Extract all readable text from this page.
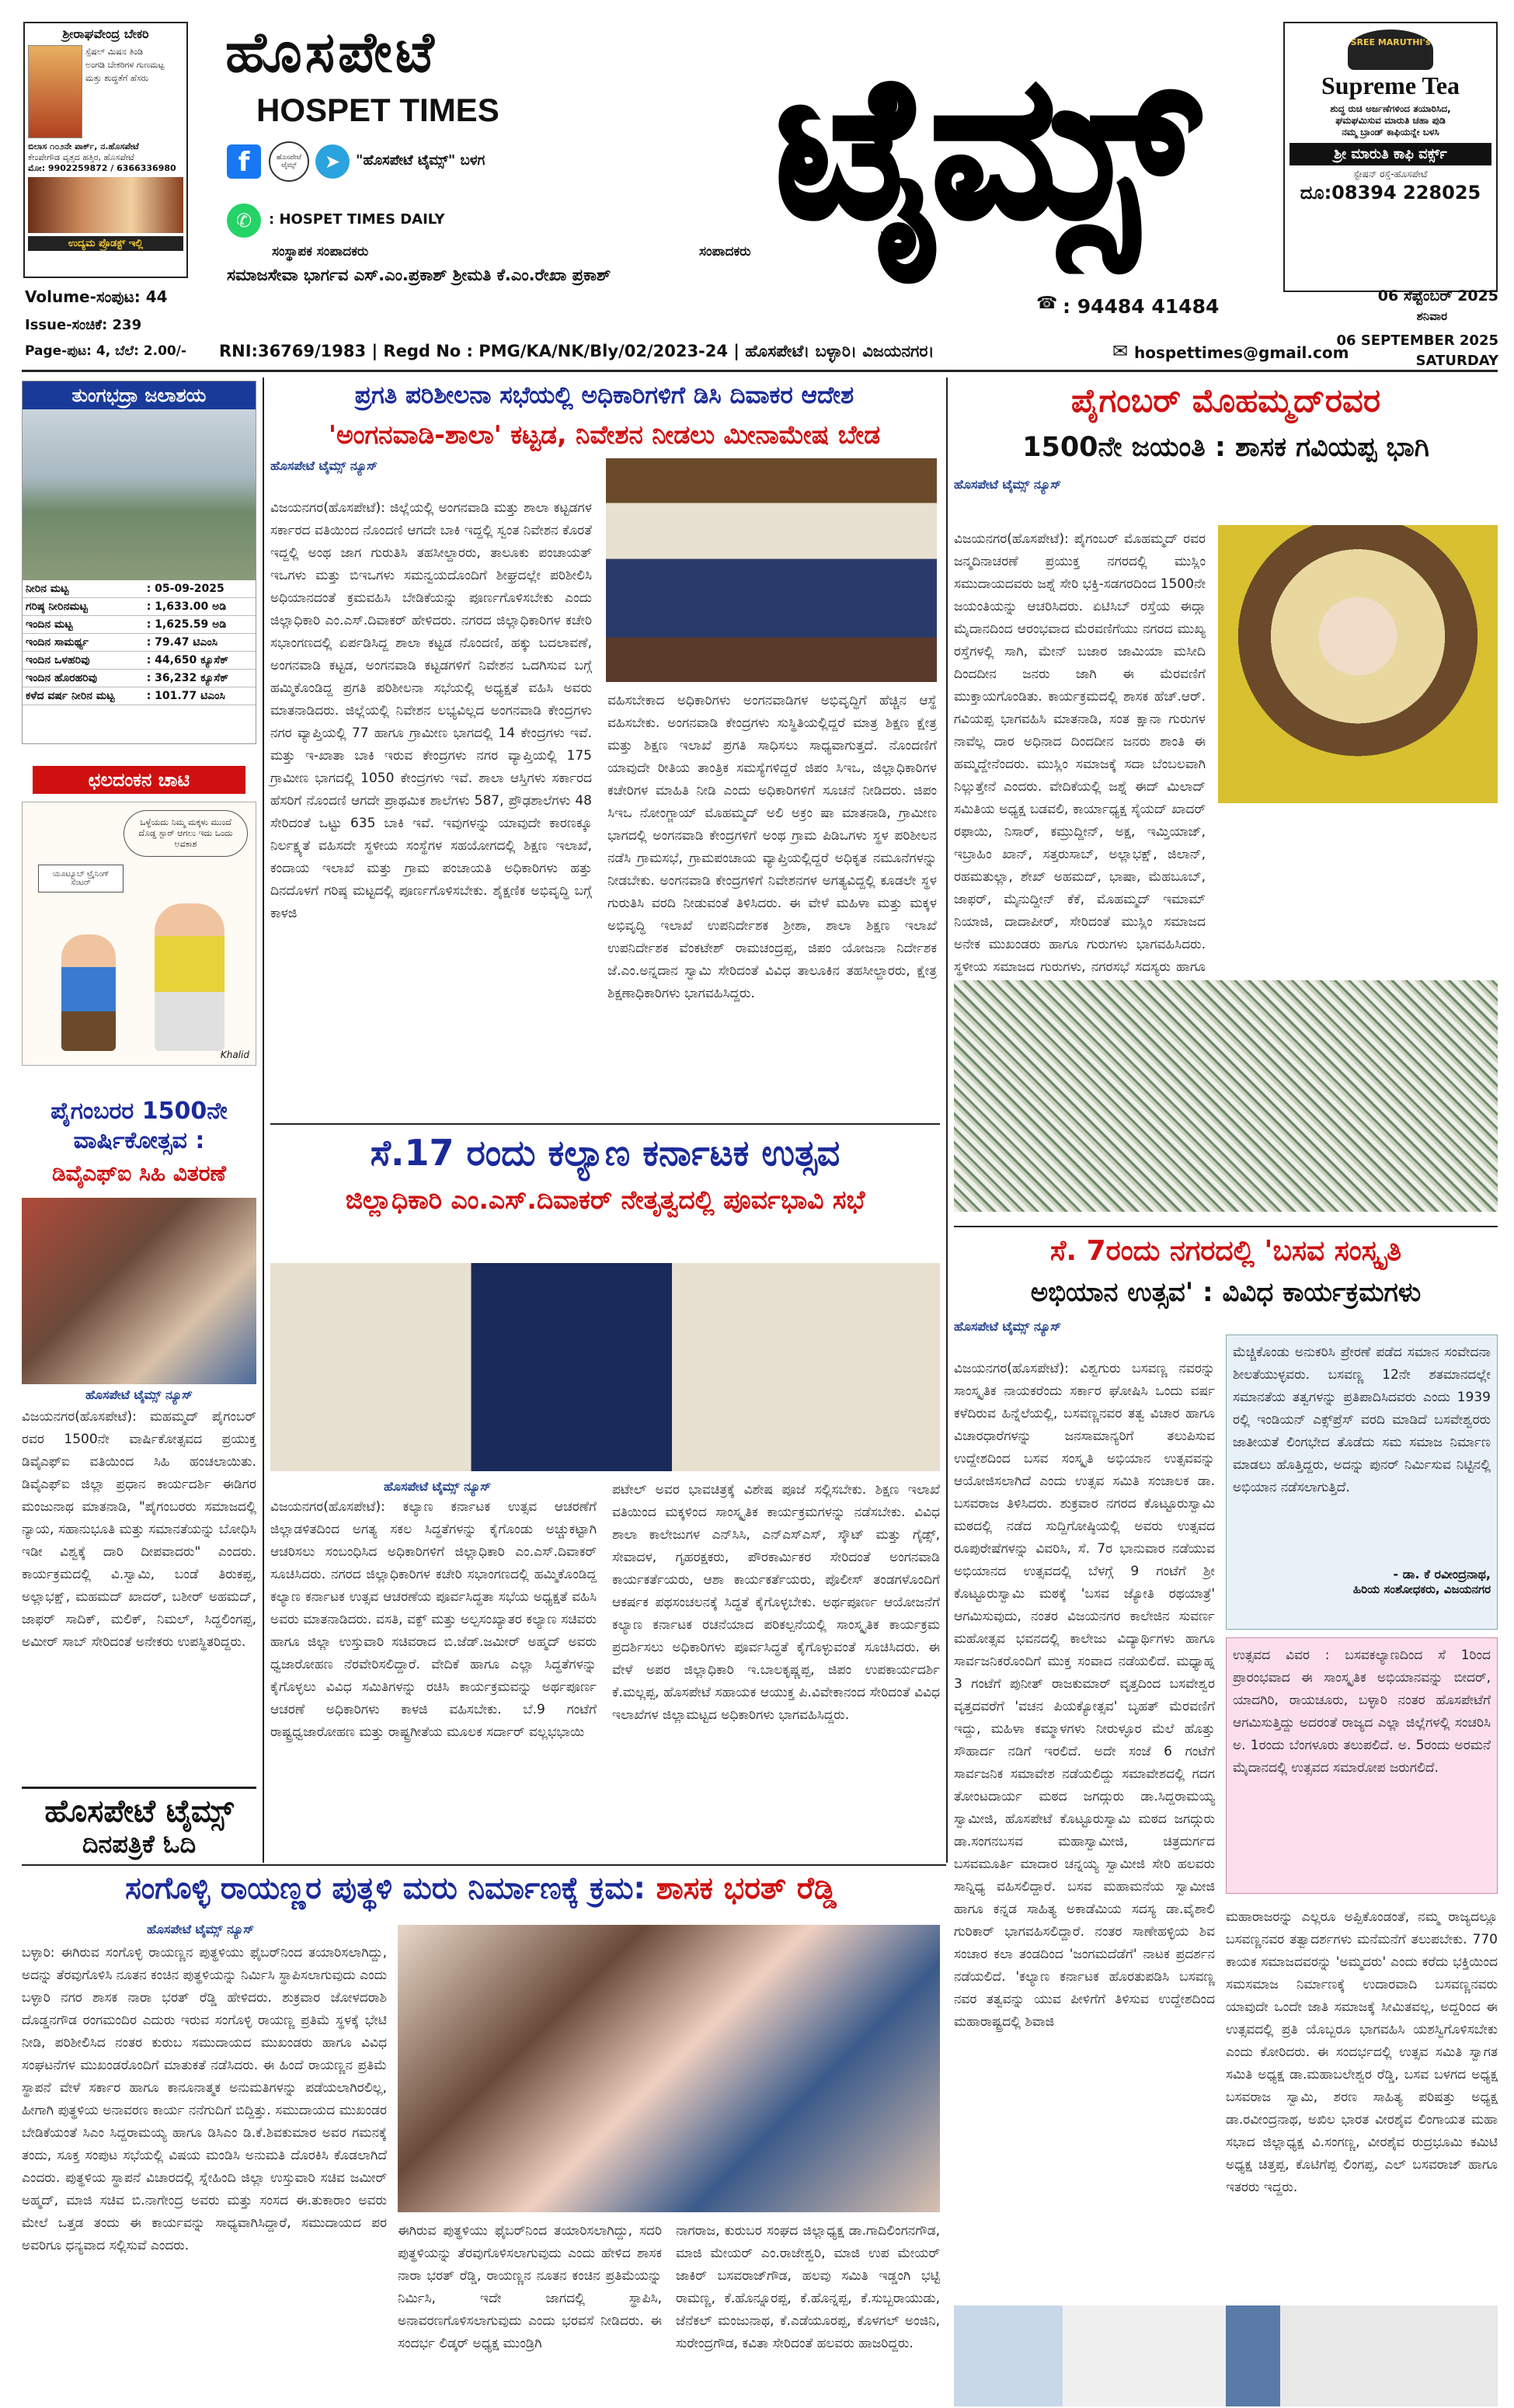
ಶ್ರೀರಾಘವೇಂದ್ರ ಬೇಕರಿ
ಸ್ಪೆಷಲ್ ಮಿಷನ ತಿಂಡಿ
ಅಂಗಡಿ ಬೇಕರಿಗಳ ಗುಣಮಟ್ಟ
ಮತ್ತು ಶುದ್ಧತೆಗೆ ಹೆಸರು
ಬಿಲಾಸ ೧೦೨ನೇ ಪಾರ್ಕ್, ನ.ಹೊಸಪೇಟೆ
ಕೇಂಪೇಗೌಡ ವೃತ್ತದ ಹತ್ತಿರ, ಹೊಸಪೇಟೆ
ಮೋ: 9902259872 / 6366336980
ಉದ್ಯಮ ಪ್ರೊಡಕ್ಟ್ ಇಲ್ಲಿ
ಹೊಸಪೇಟೆ
HOSPET TIMES	ಟೈಮ್ಸ್
f	ಹೊಸಪೇಟೆ ಟೈಮ್ಸ್	➤	"ಹೊಸಪೇಟೆ ಟೈಮ್ಸ್" ಬಳಗ
✆	: HOSPET TIMES DAILY
ಸಂಸ್ಥಾಪಕ ಸಂಪಾದಕರು	ಸಂಪಾದಕರು
ಸಮಾಜಸೇವಾ ಭಾರ್ಗವ ಎಸ್.ಎಂ.ಪ್ರಕಾಶ್ ಶ್ರೀಮತಿ ಕೆ.ಎಂ.ರೇಖಾ ಪ್ರಕಾಶ್
☎ : 94484 41484
SREE MARUTHI's
Supreme Tea
ಶುದ್ಧ ರುಚಿ ಅರ್ಜಣೆಗಳಿಂದ ತಯಾರಿಸಿದ,
ಘಮಘಮಿಸುವ ಮಾರುತಿ ಚಹಾ ಪುಡಿ
ನಮ್ಮ ಬ್ರಾಂಡ್ ಕಾಫಿಯನ್ನೇ ಬಳಸಿ
ಶ್ರೀ ಮಾರುತಿ ಕಾಫಿ ವರ್ಕ್ಸ್
ಸ್ಟೇಷನ್ ರಸ್ತೆ-ಹೊಸಪೇಟೆ
ದೂ:08394 228025
Volume-ಸಂಪುಟ: 44
Issue-ಸಂಚಿಕೆ: 239
Page-ಪುಟ: 4, ಬೆಲೆ: 2.00/- RNI:36769/1983 | Regd No : PMG/KA/NK/Bly/02/2023-24 | ಹೊಸಪೇಟೆ। ಬಳ್ಳಾರಿ। ವಿಜಯನಗರ।	✉ hospettimes@gmail.com
06 ಸೆಪ್ಟೆಂಬರ್ 2025
ಶನಿವಾರ
06 SEPTEMBER 2025
SATURDAY
ತುಂಗಭದ್ರಾ ಜಲಾಶಯ
ನೀರಿನ ಮಟ್ಟ	: 05-09-2025
ಗರಿಷ್ಠ ನೀರಿನಮಟ್ಟ	: 1,633.00 ಅಡಿ
ಇಂದಿನ ಮಟ್ಟ	: 1,625.59 ಅಡಿ
ಇಂದಿನ ಸಾಮರ್ಥ್ಯ	: 79.47 ಟಿಎಂಸಿ
ಇಂದಿನ ಒಳಹರಿವು	: 44,650 ಕ್ಯೂಸೆಕ್
ಇಂದಿನ ಹೊರಹರಿವು	: 36,232 ಕ್ಯೂಸೆಕ್
ಕಳೆದ ವರ್ಷ ನೀರಿನ ಮಟ್ಟ	: 101.77 ಟಿಎಂಸಿ
ಛಲದಂಕನ ಚಾಟಿ
ಒಳ್ಳೆಯದು ನಿಮ್ಮ ಮಕ್ಕಳು ಮುಂದೆ ದೊಡ್ಡ ಸ್ಟಾರ್ ಆಗಲು ಇದು ಒಂದು ಅವಕಾಶ
ಯೂಟ್ಯೂಬ್ ಟ್ರೈನಿಂಗ್ ಸೆಂಟರ್
Khalid
ಪೈಗಂಬರರ 1500ನೇ
ವಾರ್ಷಿಕೋತ್ಸವ :
ಡಿವೈಎಫ್ಐ ಸಿಹಿ ವಿತರಣೆ
ಹೊಸಪೇಟೆ ಟೈಮ್ಸ್ ನ್ಯೂಸ್
ವಿಜಯನಗರ(ಹೊಸಪೇಟೆ): ಮಹಮ್ಮದ್ ಪೈಗಂಬರ್ ರವರ 1500ನೇ ವಾರ್ಷಿಕೋತ್ಸವದ ಪ್ರಯುಕ್ತ ಡಿವೈಎಫ್ಐ ವತಿಯಿಂದ ಸಿಹಿ ಹಂಚಲಾಯಿತು. ಡಿವೈಎಫ್ಐ ಜಿಲ್ಲಾ ಪ್ರಧಾನ ಕಾರ್ಯದರ್ಶಿ ಈಡಿಗರ ಮಂಜುನಾಥ ಮಾತನಾಡಿ, "ಪೈಗಂಬರರು ಸಮಾಜದಲ್ಲಿ ನ್ಯಾಯ, ಸಹಾನುಭೂತಿ ಮತ್ತು ಸಮಾನತೆಯನ್ನು ಬೋಧಿಸಿ ಇಡೀ ವಿಶ್ವಕ್ಕೆ ದಾರಿ ದೀಪವಾದರು" ಎಂದರು. ಕಾರ್ಯಕ್ರಮದಲ್ಲಿ ವಿ.ಸ್ವಾಮಿ, ಬಂಡೆ ತಿರುಕಪ್ಪ, ಅಲ್ಲಾಭಕ್ಷ್, ಮಹಮದ್ ಖಾದರ್, ಬಶೀರ್ ಅಹಮದ್, ಜಾಫರ್ ಸಾದಿಕ್, ಮಲಿಕ್, ನಿಮಲ್, ಸಿದ್ದಲಿಂಗಪ್ಪ, ಅಮೀರ್ ಸಾಬ್ ಸೇರಿದಂತೆ ಅನೇಕರು ಉಪಸ್ಥಿತರಿದ್ದರು.
ಹೊಸಪೇಟೆ ಟೈಮ್ಸ್
ದಿನಪತ್ರಿಕೆ ಓದಿ
ಪ್ರಗತಿ ಪರಿಶೀಲನಾ ಸಭೆಯಲ್ಲಿ ಅಧಿಕಾರಿಗಳಿಗೆ ಡಿಸಿ ದಿವಾಕರ ಆದೇಶ
'ಅಂಗನವಾಡಿ-ಶಾಲಾ' ಕಟ್ಟಡ, ನಿವೇಶನ ನೀಡಲು ಮೀನಾಮೇಷ ಬೇಡ
ಹೊಸಪೇಟೆ ಟೈಮ್ಸ್ ನ್ಯೂಸ್
ವಿಜಯನಗರ(ಹೊಸಪೇಟೆ): ಜಿಲ್ಲೆಯಲ್ಲಿ ಅಂಗನವಾಡಿ ಮತ್ತು ಶಾಲಾ ಕಟ್ಟಡಗಳ ಸರ್ಕಾರದ ವತಿಯಿಂದ ನೊಂದಣಿ ಆಗದೇ ಬಾಕಿ ಇದ್ದಲ್ಲಿ ಸ್ವಂತ ನಿವೇಶನ ಕೊರತೆ ಇದ್ದಲ್ಲಿ ಅಂಥ ಜಾಗ ಗುರುತಿಸಿ ತಹಸೀಲ್ದಾರರು, ತಾಲೂಕು ಪಂಚಾಯತ್ ಇಒಗಳು ಮತ್ತು ಬಿಇಒಗಳು ಸಮನ್ವಯದೊಂದಿಗೆ ಶೀಘ್ರದಲ್ಲೇ ಪರಿಶೀಲಿಸಿ ಅಧಿಯಾನದಂತೆ ಕ್ರಮವಹಿಸಿ ಬೇಡಿಕೆಯನ್ನು ಪೂರ್ಣಗೊಳಿಸಬೇಕು ಎಂದು ಜಿಲ್ಲಾಧಿಕಾರಿ ಎಂ.ಎಸ್.ದಿವಾಕರ್ ಹೇಳಿದರು. ನಗರದ ಜಿಲ್ಲಾಧಿಕಾರಿಗಳ ಕಚೇರಿ ಸಭಾಂಗಣದಲ್ಲಿ ಏರ್ಪಡಿಸಿದ್ದ ಶಾಲಾ ಕಟ್ಟಡ ನೊಂದಣಿ, ಹಕ್ಕು ಬದಲಾವಣೆ, ಅಂಗನವಾಡಿ ಕಟ್ಟಡ, ಅಂಗನವಾಡಿ ಕಟ್ಟಡಗಳಿಗೆ ನಿವೇಶನ ಒದಗಿಸುವ ಬಗ್ಗೆ ಹಮ್ಮಿಕೊಂಡಿದ್ದ ಪ್ರಗತಿ ಪರಿಶೀಲನಾ ಸಭೆಯಲ್ಲಿ ಅಧ್ಯಕ್ಷತೆ ವಹಿಸಿ ಅವರು ಮಾತನಾಡಿದರು. ಜಿಲ್ಲೆಯಲ್ಲಿ ನಿವೇಶನ ಲಭ್ಯವಿಲ್ಲದ ಅಂಗನವಾಡಿ ಕೇಂದ್ರಗಳು ನಗರ ವ್ಯಾಪ್ತಿಯಲ್ಲಿ 77 ಹಾಗೂ ಗ್ರಾಮೀಣ ಭಾಗದಲ್ಲಿ 14 ಕೇಂದ್ರಗಳು ಇವೆ. ಮತ್ತು ಇ-ಖಾತಾ ಬಾಕಿ ಇರುವ ಕೇಂದ್ರಗಳು ನಗರ ವ್ಯಾಪ್ತಿಯಲ್ಲಿ 175 ಗ್ರಾಮೀಣ ಭಾಗದಲ್ಲಿ 1050 ಕೇಂದ್ರಗಳು ಇವೆ. ಶಾಲಾ ಆಸ್ತಿಗಳು ಸರ್ಕಾರದ ಹೆಸರಿಗೆ ನೊಂದಣಿ ಆಗದೇ ಪ್ರಾಥಮಿಕ ಶಾಲೆಗಳು 587, ಪ್ರೌಢಶಾಲೆಗಳು 48 ಸೇರಿದಂತೆ ಒಟ್ಟು 635 ಬಾಕಿ ಇವೆ. ಇವುಗಳನ್ನು ಯಾವುದೇ ಕಾರಣಕ್ಕೂ ನಿರ್ಲಕ್ಷ್ಯತೆ ವಹಿಸದೇ ಸ್ಥಳೀಯ ಸಂಸ್ಥೆಗಳ ಸಹಯೋಗದಲ್ಲಿ ಶಿಕ್ಷಣ ಇಲಾಖೆ, ಕಂದಾಯ ಇಲಾಖೆ ಮತ್ತು ಗ್ರಾಮ ಪಂಚಾಯತಿ ಅಧಿಕಾರಿಗಳು ಹತ್ತು ದಿನದೊಳಗೆ ಗರಿಷ್ಠ ಮಟ್ಟದಲ್ಲಿ ಪೂರ್ಣಗೊಳಿಸಬೇಕು. ಶೈಕ್ಷಣಿಕ ಅಭಿವೃದ್ಧಿ ಬಗ್ಗೆ ಕಾಳಜಿ
ವಹಿಸಬೇಕಾದ ಅಧಿಕಾರಿಗಳು ಅಂಗನವಾಡಿಗಳ ಅಭಿವೃದ್ಧಿಗೆ ಹೆಚ್ಚಿನ ಆಸ್ಥೆ ವಹಿಸಬೇಕು. ಅಂಗನವಾಡಿ ಕೇಂದ್ರಗಳು ಸುಸ್ಥಿತಿಯಲ್ಲಿದ್ದರೆ ಮಾತ್ರ ಶಿಕ್ಷಣ ಕ್ಷೇತ್ರ ಮತ್ತು ಶಿಕ್ಷಣ ಇಲಾಖೆ ಪ್ರಗತಿ ಸಾಧಿಸಲು ಸಾಧ್ಯವಾಗುತ್ತದೆ. ನೊಂದಣಿಗೆ ಯಾವುದೇ ರೀತಿಯ ತಾಂತ್ರಿಕ ಸಮಸ್ಯೆಗಳಿದ್ದರೆ ಜಿಪಂ ಸಿಇಒ, ಜಿಲ್ಲಾಧಿಕಾರಿಗಳ ಕಚೇರಿಗಳ ಮಾಹಿತಿ ನೀಡಿ ಎಂದು ಅಧಿಕಾರಿಗಳಿಗೆ ಸೂಚನೆ ನೀಡಿದರು. ಜಿಪಂ ಸಿಇಒ ನೋಂಗ್ಜಾಯ್ ಮೊಹಮ್ಮದ್ ಅಲಿ ಅಕ್ರಂ ಷಾ ಮಾತನಾಡಿ, ಗ್ರಾಮೀಣ ಭಾಗದಲ್ಲಿ ಅಂಗನವಾಡಿ ಕೇಂದ್ರಗಳಿಗೆ ಅಂಥ ಗ್ರಾಮ ಪಿಡಿಒಗಳು ಸ್ಥಳ ಪರಿಶೀಲನ ನಡೆಸಿ ಗ್ರಾಮಸಭೆ, ಗ್ರಾಮಪಂಚಾಯ ವ್ಯಾಪ್ತಿಯಲ್ಲಿದ್ದರೆ ಅಧಿಕೃತ ನಮೂನೆಗಳನ್ನು ನೀಡಬೇಕು. ಅಂಗನವಾಡಿ ಕೇಂದ್ರಗಳಿಗೆ ನಿವೇಶನಗಳ ಅಗತ್ಯವಿದ್ದಲ್ಲಿ ಕೂಡಲೇ ಸ್ಥಳ ಗುರುತಿಸಿ ವರದಿ ನೀಡುವಂತೆ ತಿಳಿಸಿದರು. ಈ ವೇಳೆ ಮಹಿಳಾ ಮತ್ತು ಮಕ್ಕಳ ಅಭಿವೃದ್ಧಿ ಇಲಾಖೆ ಉಪನಿರ್ದೇಶಕ ಶ್ರೀಶಾ, ಶಾಲಾ ಶಿಕ್ಷಣ ಇಲಾಖೆ ಉಪನಿರ್ದೇಶಕ ವೆಂಕಟೇಶ್ ರಾಮಚಂದ್ರಪ್ಪ, ಜಿಪಂ ಯೋಜನಾ ನಿರ್ದೇಶಕ ಜೆ.ಎಂ.ಅನ್ನದಾನ ಸ್ವಾಮಿ ಸೇರಿದಂತೆ ವಿವಿಧ ತಾಲೂಕಿನ ತಹಸೀಲ್ದಾರರು, ಕ್ಷೇತ್ರ ಶಿಕ್ಷಣಾಧಿಕಾರಿಗಳು ಭಾಗವಹಿಸಿದ್ದರು.
ಪೈಗಂಬರ್ ಮೊಹಮ್ಮದ್‌ರವರ
1500ನೇ ಜಯಂತಿ : ಶಾಸಕ ಗವಿಯಪ್ಪ ಭಾಗಿ
ಹೊಸಪೇಟೆ ಟೈಮ್ಸ್ ನ್ಯೂಸ್
ವಿಜಯನಗರ(ಹೊಸಪೇಟೆ): ಪೈಗಂಬರ್ ಮೊಹಮ್ಮದ್ ರವರ ಜನ್ಮದಿನಾಚರಣೆ ಪ್ರಯುಕ್ತ ನಗರದಲ್ಲಿ ಮುಸ್ಲಿಂ ಸಮುದಾಯದವರು ಜಶ್ನೆ ಸೇರಿ ಭಕ್ತಿ-ಸಡಗರದಿಂದ 1500ನೇ ಜಯಂತಿಯನ್ನು ಆಚರಿಸಿದರು. ಏಟಿಸಿಬ್ ರಸ್ತೆಯ ಈದ್ಗಾ ಮೈದಾನದಿಂದ ಆರಂಭವಾದ ಮೆರವಣಿಗೆಯು ನಗರದ ಮುಖ್ಯ ರಸ್ತೆಗಳಲ್ಲಿ ಸಾಗಿ, ಮೇನ್ ಬಜಾರ ಜಾಮಿಯಾ ಮಸೀದಿ ದಿಂದದೀನ ಜನರು ಜಾಗಿ ಈ ಮೆರವಣಿಗೆ ಮುಕ್ತಾಯಗೊಂಡಿತು. ಕಾರ್ಯಕ್ರಮದಲ್ಲಿ ಶಾಸಕ ಹೆಚ್.ಆರ್. ಗವಿಯಪ್ಪ ಭಾಗವಹಿಸಿ ಮಾತನಾಡಿ, ಸಂತ ಕ್ಷಾನಾ ಗುರುಗಳ ನಾವೆಲ್ಲ ದಾರ ಅಧಿನಾದ ದಿಂದದೀನ ಜನರು ಶಾಂತಿ ಈ ಹಮ್ಮದ್ದೇನೆಂದರು. ಮುಸ್ಲಿಂ ಸಮಾಜಕ್ಕೆ ಸದಾ ಬೆಂಬಲವಾಗಿ ನಿಲ್ಲುತ್ತೇನೆ ಎಂದರು. ವೇದಿಕೆಯಲ್ಲಿ ಜಶ್ನೆ ಈದ್ ಮಿಲಾದ್ ಸಮಿತಿಯ ಅಧ್ಯಕ್ಷ ಬಡವಲಿ, ಕಾರ್ಯಾಧ್ಯಕ್ಷ ಸೈಯದ್ ಖಾದರ್ ರಫಾಯಿ, ನಿಸಾರ್, ಕಮ್ರುದ್ದೀನ್, ಅಕ್ಷ, ಇಮ್ತಿಯಾಜ್, ಇಬ್ರಾಹಿಂ ಖಾನ್, ಸತ್ತರುಸಾಬ್, ಅಲ್ಲಾಭಕ್ಷ್, ಜಿಲಾನ್, ರಹಮತುಲ್ಲಾ, ಶೇಖ್ ಅಹಮದ್, ಭಾಷಾ, ಮೆಹಬೂಬ್, ಜಾಫರ್, ಮೈನುದ್ದೀನ್ ಕೆಕೆ, ಮೊಹಮ್ಮದ್ ಇಮಾಮ್ ನಿಯಾಜಿ, ದಾದಾಪೀರ್, ಸೇರಿದಂತೆ ಮುಸ್ಲಿಂ ಸಮಾಜದ ಅನೇಕ ಮುಖಂಡರು ಹಾಗೂ ಗುರುಗಳು ಭಾಗವಹಿಸಿದರು. ಸ್ಥಳೀಯ ಸಮಾಜದ ಗುರುಗಳು, ನಗರಸಭೆ ಸದಸ್ಯರು ಹಾಗೂ
ಸೆ.17 ರಂದು ಕಲ್ಯಾಣ ಕರ್ನಾಟಕ ಉತ್ಸವ
ಜಿಲ್ಲಾಧಿಕಾರಿ ಎಂ.ಎಸ್.ದಿವಾಕರ್ ನೇತೃತ್ವದಲ್ಲಿ ಪೂರ್ವಭಾವಿ ಸಭೆ
ಹೊಸಪೇಟೆ ಟೈಮ್ಸ್ ನ್ಯೂಸ್
ವಿಜಯನಗರ(ಹೊಸಪೇಟೆ): ಕಲ್ಯಾಣ ಕರ್ನಾಟಕ ಉತ್ಸವ ಆಚರಣೆಗೆ ಜಿಲ್ಲಾಡಳಿತದಿಂದ ಅಗತ್ಯ ಸಕಲ ಸಿದ್ಧತೆಗಳನ್ನು ಕೈಗೊಂಡು ಅಚ್ಚುಕಟ್ಟಾಗಿ ಆಚರಿಸಲು ಸಂಬಂಧಿಸಿದ ಅಧಿಕಾರಿಗಳಿಗೆ ಜಿಲ್ಲಾಧಿಕಾರಿ ಎಂ.ಎಸ್.ದಿವಾಕರ್ ಸೂಚಿಸಿದರು. ನಗರದ ಜಿಲ್ಲಾಧಿಕಾರಿಗಳ ಕಚೇರಿ ಸಭಾಂಗಣದಲ್ಲಿ ಹಮ್ಮಿಕೊಂಡಿದ್ದ ಕಲ್ಯಾಣ ಕರ್ನಾಟಕ ಉತ್ಸವ ಆಚರಣೆಯ ಪೂರ್ವಸಿದ್ಧತಾ ಸಭೆಯ ಅಧ್ಯಕ್ಷತೆ ವಹಿಸಿ ಅವರು ಮಾತನಾಡಿದರು. ವಸತಿ, ವಕ್ಫ್ ಮತ್ತು ಅಲ್ಪಸಂಖ್ಯಾತರ ಕಲ್ಯಾಣ ಸಚಿವರು ಹಾಗೂ ಜಿಲ್ಲಾ ಉಸ್ತುವಾರಿ ಸಚಿವರಾದ ಬಿ.ಜೆಡ್.ಜಮೀರ್ ಅಹ್ಮದ್ ಅವರು ಧ್ವಜಾರೋಹಣ ನೆರವೇರಿಸಲಿದ್ದಾರೆ. ವೇದಿಕೆ ಹಾಗೂ ಎಲ್ಲಾ ಸಿದ್ಧತೆಗಳನ್ನು ಕೈಗೊಳ್ಳಲು ವಿವಿಧ ಸಮಿತಿಗಳನ್ನು ರಚಿಸಿ ಕಾರ್ಯಕ್ರಮವನ್ನು ಅರ್ಥಪೂರ್ಣ ಆಚರಣೆ ಅಧಿಕಾರಿಗಳು ಕಾಳಜಿ ವಹಿಸಬೇಕು. ಬೆ.9 ಗಂಟೆಗೆ ರಾಷ್ಟ್ರಧ್ವಜಾರೋಹಣ ಮತ್ತು ರಾಷ್ಟ್ರಗೀತೆಯ ಮೂಲಕ ಸರ್ದಾರ್ ವಲ್ಲಭಭಾಯಿ
ಪಟೇಲ್ ಅವರ ಭಾವಚಿತ್ರಕ್ಕೆ ವಿಶೇಷ ಪೂಜೆ ಸಲ್ಲಿಸಬೇಕು. ಶಿಕ್ಷಣ ಇಲಾಖೆ ವತಿಯಿಂದ ಮಕ್ಕಳಿಂದ ಸಾಂಸ್ಕೃತಿಕ ಕಾರ್ಯಕ್ರಮಗಳನ್ನು ನಡೆಸಬೇಕು. ವಿವಿಧ ಶಾಲಾ ಕಾಲೇಜುಗಳ ಎನ್‌ಸಿಸಿ, ಎನ್‌ಎಸ್‌ಎಸ್, ಸ್ಕೌಟ್ ಮತ್ತು ಗೈಡ್ಸ್, ಸೇವಾದಳ, ಗೃಹರಕ್ಷಕರು, ಪೌರಕಾರ್ಮಿಕರ ಸೇರಿದಂತೆ ಅಂಗನವಾಡಿ ಕಾರ್ಯಕರ್ತೆಯರು, ಆಶಾ ಕಾರ್ಯಕರ್ತೆಯರು, ಪೊಲೀಸ್ ತಂಡಗಳೊಂದಿಗೆ ಆಕರ್ಷಕ ಪಥಸಂಚಲನಕ್ಕೆ ಸಿದ್ಧತೆ ಕೈಗೊಳ್ಳಬೇಕು. ಅರ್ಥಪೂರ್ಣ ಆಯೋಜನೆಗೆ ಕಲ್ಯಾಣ ಕರ್ನಾಟಕ ರಚನೆಯಾದ ಪರಿಕಲ್ಪನೆಯಲ್ಲಿ ಸಾಂಸ್ಕೃತಿಕ ಕಾರ್ಯಕ್ರಮ ಪ್ರದರ್ಶಿಸಲು ಅಧಿಕಾರಿಗಳು ಪೂರ್ವಸಿದ್ಧತೆ ಕೈಗೊಳ್ಳುವಂತೆ ಸೂಚಿಸಿದರು. ಈ ವೇಳೆ ಅಪರ ಜಿಲ್ಲಾಧಿಕಾರಿ ಇ.ಬಾಲಕೃಷ್ಣಪ್ಪ, ಜಿಪಂ ಉಪಕಾರ್ಯದರ್ಶಿ ಕೆ.ಮಲ್ಲಪ್ಪ, ಹೊಸಪೇಟೆ ಸಹಾಯಕ ಆಯುಕ್ತ ಪಿ.ವಿವೇಕಾನಂದ ಸೇರಿದಂತೆ ವಿವಿಧ ಇಲಾಖೆಗಳ ಜಿಲ್ಲಾಮಟ್ಟದ ಅಧಿಕಾರಿಗಳು ಭಾಗವಹಿಸಿದ್ದರು.
ಸೆ. 7ರಂದು ನಗರದಲ್ಲಿ 'ಬಸವ ಸಂಸ್ಕೃತಿ
ಅಭಿಯಾನ ಉತ್ಸವ' : ವಿವಿಧ ಕಾರ್ಯಕ್ರಮಗಳು
ಹೊಸಪೇಟೆ ಟೈಮ್ಸ್ ನ್ಯೂಸ್
ವಿಜಯನಗರ(ಹೊಸಪೇಟೆ): ವಿಶ್ವಗುರು ಬಸವಣ್ಣ ನವರನ್ನು ಸಾಂಸ್ಕೃತಿಕ ನಾಯಕರೆಂದು ಸರ್ಕಾರ ಘೋಷಿಸಿ ಒಂದು ವರ್ಷ ಕಳೆದಿರುವ ಹಿನ್ನೆಲೆಯಲ್ಲಿ, ಬಸವಣ್ಣನವರ ತತ್ವ ವಿಚಾರ ಹಾಗೂ ವಿಚಾರಧಾರೆಗಳನ್ನು ಜನಸಾಮಾನ್ಯರಿಗೆ ತಲುಪಿಸುವ ಉದ್ದೇಶದಿಂದ ಬಸವ ಸಂಸ್ಕೃತಿ ಅಭಿಯಾನ ಉತ್ಸವವನ್ನು ಆಯೋಜಿಸಲಾಗಿದೆ ಎಂದು ಉತ್ಸವ ಸಮಿತಿ ಸಂಚಾಲಕ ಡಾ. ಬಸವರಾಜ ತಿಳಿಸಿದರು. ಶುಕ್ರವಾರ ನಗರದ ಕೊಟ್ಟೂರುಸ್ವಾಮಿ ಮಠದಲ್ಲಿ ನಡೆದ ಸುದ್ದಿಗೋಷ್ಠಿಯಲ್ಲಿ ಅವರು ಉತ್ಸವದ ರೂಪುರೇಷೆಗಳನ್ನು ವಿವರಿಸಿ, ಸೆ. 7ರ ಭಾನುವಾರ ನಡೆಯುವ ಅಭಿಯಾನದ ಉತ್ಸವದಲ್ಲಿ ಬೆಳಗ್ಗೆ 9 ಗಂಟೆಗೆ ಶ್ರೀ ಕೊಟ್ಟೂರುಸ್ವಾಮಿ ಮಠಕ್ಕೆ 'ಬಸವ ಜ್ಯೋತಿ ರಥಯಾತ್ರೆ' ಆಗಮಿಸುವುದು, ನಂತರ ವಿಜಯನಗರ ಕಾಲೇಜಿನ ಸುವರ್ಣ ಮಹೋತ್ಸವ ಭವನದಲ್ಲಿ ಕಾಲೇಜು ವಿದ್ಯಾರ್ಥಿಗಳು ಹಾಗೂ ಸಾರ್ವಜನಿಕರೊಂದಿಗೆ ಮುಕ್ತ ಸಂವಾದ ನಡೆಯಲಿದೆ. ಮಧ್ಯಾಹ್ನ 3 ಗಂಟೆಗೆ ಪುನೀತ್ ರಾಜಕುಮಾರ್ ವೃತ್ತದಿಂದ ಬಸವೇಶ್ವರ ವೃತ್ತದವರೆಗೆ 'ವಚನ ಪಿಯಕ್ಯೋತ್ಸವ' ಬೃಹತ್ ಮೆರವಣಿಗೆ ಇದ್ದು, ಮಹಿಳಾ ಕಮ್ಮಾಳಗಳು ನೀರುಳ್ಳೂರ ಮೆಲೆ ಹೊತ್ತು ಸೌಹಾರ್ದ ನಡಿಗೆ ಇರಲಿದೆ. ಅದೇ ಸಂಜೆ 6 ಗಂಟೆಗೆ ಸಾರ್ವಜನಿಕ ಸಮಾವೇಶ ನಡೆಯಲಿದ್ದು ಸಮಾವೇಶದಲ್ಲಿ ಗದಗ ತೋಂಟದಾರ್ಯ ಮಠದ ಜಗದ್ಗುರು ಡಾ.ಸಿದ್ದರಾಮಯ್ಯ ಸ್ವಾಮೀಜಿ, ಹೊಸಪೇಟೆ ಕೊಟ್ಟೂರುಸ್ವಾಮಿ ಮಠದ ಜಗದ್ಗುರು ಡಾ.ಸಂಗನಬಸವ ಮಹಾಸ್ವಾಮೀಜಿ, ಚಿತ್ರದುರ್ಗದ ಬಸವಮೂರ್ತಿ ಮಾದಾರ ಚನ್ನಯ್ಯ ಸ್ವಾಮೀಜಿ ಸೇರಿ ಹಲವರು ಸಾನ್ನಿಧ್ಯ ವಹಿಸಲಿದ್ದಾರೆ. ಬಸವ ಮಹಾಮನೆಯ ಸ್ವಾಮೀಜಿ ಹಾಗೂ ಕನ್ನಡ ಸಾಹಿತ್ಯ ಅಕಾಡೆಮಿಯ ಸದಸ್ಯ ಡಾ.ವೈಶಾಲಿ ಗುರಿಕಾರ್ ಭಾಗವಹಿಸಲಿದ್ದಾರೆ. ನಂತರ ಸಾಣೇಹಳ್ಳಿಯ ಶಿವ ಸಂಚಾರ ಕಲಾ ತಂಡದಿಂದ 'ಜಂಗಮದೆಡೆಗೆ' ನಾಟಕ ಪ್ರದರ್ಶನ ನಡೆಯಲಿದೆ. 'ಕಲ್ಯಾಣ ಕರ್ನಾಟಕ ಹೊರತುಪಡಿಸಿ ಬಸವಣ್ಣ ನವರ ತತ್ವವನ್ನು ಯುವ ಪೀಳಿಗೆಗೆ ತಿಳಿಸುವ ಉದ್ದೇಶದಿಂದ ಮಹಾರಾಷ್ಟ್ರದಲ್ಲಿ ಶಿವಾಜಿ
ಮೆಚ್ಚಿಕೊಂಡು ಅನುಕರಿಸಿ ಪ್ರೇರಣೆ ಪಡೆದ ಸಮಾನ ಸಂವೇದನಾ ಶೀಲತೆಯುಳ್ಳವರು. ಬಸವಣ್ಣ 12ನೇ ಶತಮಾನದಲ್ಲೇ ಸಮಾನತೆಯ ತತ್ವಗಳನ್ನು ಪ್ರತಿಪಾದಿಸಿದವರು ಎಂದು 1939 ರಲ್ಲಿ ಇಂಡಿಯನ್ ಎಕ್ಸ್‌ಪ್ರೆಸ್ ವರದಿ ಮಾಡಿದೆ ಬಸವೇಶ್ವರರು ಜಾತೀಯತೆ ಲಿಂಗಭೇದ ತೊಡೆದು ಸಮ ಸಮಾಜ ನಿರ್ಮಾಣ ಮಾಡಲು ಹೊತ್ತಿದ್ದರು, ಅದನ್ನು ಪುನರ್ ನಿರ್ಮಿಸುವ ನಿಟ್ಟಿನಲ್ಲಿ ಅಭಿಯಾನ ನಡೆಸಲಾಗುತ್ತಿದೆ.
- ಡಾ. ಕೆ ರವೀಂದ್ರನಾಥ,
ಹಿರಿಯ ಸಂಶೋಧಕರು, ವಿಜಯನಗರ
ಉತ್ಸವದ ವಿವರ : ಬಸವಕಲ್ಯಾಣದಿಂದ ಸೆ 1ರಿಂದ ಪ್ರಾರಂಭವಾದ ಈ ಸಾಂಸ್ಕೃತಿಕ ಅಭಿಯಾನವನ್ನು ಬೀದರ್, ಯಾದಗಿರಿ, ರಾಯಚೂರು, ಬಳ್ಳಾರಿ ನಂತರ ಹೊಸಪೇಟೆಗೆ ಆಗಮಿಸುತ್ತಿದ್ದು ಅದರಂತೆ ರಾಜ್ಯದ ಎಲ್ಲಾ ಜಿಲ್ಲೆಗಳಲ್ಲಿ ಸಂಚರಿಸಿ ಅ. 1ರಂದು ಬೆಂಗಳೂರು ತಲುಪಲಿದೆ. ಅ. 5ರಂದು ಅರಮನೆ ಮೈದಾನದಲ್ಲಿ ಉತ್ಸವದ ಸಮಾರೋಪ ಜರುಗಲಿದೆ.
ಮಹಾರಾಜರನ್ನು ಎಲ್ಲರೂ ಅಪ್ಪಿಕೊಂಡಂತೆ, ನಮ್ಮ ರಾಜ್ಯದಲ್ಲೂ ಬಸವಣ್ಣನವರ ತತ್ವಾದರ್ಶಗಳು ಮನೆಮನೆಗೆ ತಲುಪಬೇಕು. 770 ಕಾಯಕ ಸಮಾಜದವರನ್ನು 'ಅಮ್ಮದರು' ಎಂದು ಕರೆದು ಭಕ್ತಿಯಿಂದ ಸಮಸಮಾಜ ನಿರ್ಮಾಣಕ್ಕೆ ಉದಾರವಾದಿ ಬಸವಣ್ಣನವರು ಯಾವುದೇ ಒಂದೇ ಜಾತಿ ಸಮಾಜಕ್ಕೆ ಸೀಮಿತವಲ್ಲ, ಅದ್ದರಿಂದ ಈ ಉತ್ಸವದಲ್ಲಿ ಪ್ರತಿ ಯೊಬ್ಬರೂ ಭಾಗವಹಿಸಿ ಯಶಸ್ವಿಗೊಳಿಸಬೇಕು ಎಂದು ಕೋರಿದರು. ಈ ಸಂದರ್ಭದಲ್ಲಿ ಉತ್ಸವ ಸಮಿತಿ ಸ್ವಾಗತ ಸಮಿತಿ ಅಧ್ಯಕ್ಷ ಡಾ.ಮಹಾಬಲೇಶ್ವರ ರೆಡ್ಡಿ, ಬಸವ ಬಳಗದ ಅಧ್ಯಕ್ಷ ಬಸವರಾಜ ಸ್ವಾಮಿ, ಶರಣ ಸಾಹಿತ್ಯ ಪರಿಷತ್ತು ಅಧ್ಯಕ್ಷ ಡಾ.ರವೀಂದ್ರನಾಥ, ಅಖಿಲ ಭಾರತ ವೀರಶೈವ ಲಿಂಗಾಯತ ಮಹಾ ಸಭಾದ ಜಿಲ್ಲಾಧ್ಯಕ್ಷ ವಿ.ಸಂಗಣ್ಣ, ವೀರಶೈವ ರುದ್ರಭೂಮಿ ಕಮಿಟಿ ಅಧ್ಯಕ್ಷ ಚಿತ್ತಪ್ಪ, ಕೊಟಿಗೆಪ್ಪ ಲಿಂಗಪ್ಪ, ಎಲ್ ಬಸವರಾಜ್ ಹಾಗೂ ಇತರರು ಇದ್ದರು.
ಸಂಗೊಳ್ಳಿ ರಾಯಣ್ಣರ ಪುತ್ಥಳಿ ಮರು ನಿರ್ಮಾಣಕ್ಕೆ ಕ್ರಮ: ಶಾಸಕ ಭರತ್ ರೆಡ್ಡಿ
ಹೊಸಪೇಟೆ ಟೈಮ್ಸ್ ನ್ಯೂಸ್
ಬಳ್ಳಾರಿ: ಈಗಿರುವ ಸಂಗೊಳ್ಳಿ ರಾಯಣ್ಣನ ಪುತ್ಥಳಿಯು ಫೈಬರ್‌ನಿಂದ ತಯಾರಿಸಲಾಗಿದ್ದು, ಅದನ್ನು ತೆರವುಗೊಳಿಸಿ ನೂತನ ಕಂಚಿನ ಪುತ್ಥಳಿಯನ್ನು ನಿರ್ಮಿಸಿ ಸ್ಥಾಪಿಸಲಾಗುವುದು ಎಂದು ಬಳ್ಳಾರಿ ನಗರ ಶಾಸಕ ನಾರಾ ಭರತ್ ರೆಡ್ಡಿ ಹೇಳಿದರು. ಶುಕ್ರವಾರ ಜೋಳದರಾಶಿ ದೊಡ್ಡನಗೌಡ ರಂಗಮಂದಿರ ಎದುರು ಇರುವ ಸಂಗೊಳ್ಳಿ ರಾಯಣ್ಣ ಪ್ರತಿಮೆ ಸ್ಥಳಕ್ಕೆ ಭೇಟಿ ನೀಡಿ, ಪರಿಶೀಲಿಸಿದ ನಂತರ ಕುರುಬ ಸಮುದಾಯದ ಮುಖಂಡರು ಹಾಗೂ ವಿವಿಧ ಸಂಘಟನೆಗಳ ಮುಖಂಡರೊಂದಿಗೆ ಮಾತುಕತೆ ನಡೆಸಿದರು. ಈ ಹಿಂದೆ ರಾಯಣ್ಣನ ಪ್ರತಿಮೆ ಸ್ಥಾಪನೆ ವೇಳೆ ಸರ್ಕಾರ ಹಾಗೂ ಕಾನೂನಾತ್ಮಕ ಅನುಮತಿಗಳನ್ನು ಪಡೆಯಲಾಗಿರಲಿಲ್ಲ, ಹೀಗಾಗಿ ಪುತ್ಥಳಿಯ ಅನಾವರಣ ಕಾರ್ಯ ನನೆಗುದಿಗೆ ಬಿದ್ದಿತ್ತು. ಸಮುದಾಯದ ಮುಖಂಡರ ಬೇಡಿಕೆಯಂತೆ ಸಿಎಂ ಸಿದ್ದರಾಮಯ್ಯ ಹಾಗೂ ಡಿಸಿಎಂ ಡಿ.ಕೆ.ಶಿವಕುಮಾರ ಅವರ ಗಮನಕ್ಕೆ ತಂದು, ಸೂಕ್ತ ಸಂಪುಟ ಸಭೆಯಲ್ಲಿ ವಿಷಯ ಮಂಡಿಸಿ ಅನುಮತಿ ದೊರಕಿಸಿ ಕೊಡಲಾಗಿದೆ ಎಂದರು. ಪುತ್ಥಳಿಯ ಸ್ಥಾಪನೆ ವಿಚಾರದಲ್ಲಿ ಸ್ನೇಹಿಂದಿ ಜಿಲ್ಲಾ ಉಸ್ತುವಾರಿ ಸಚಿವ ಜಮೀರ್ ಅಹ್ಮದ್, ಮಾಜಿ ಸಚಿವ ಬಿ.ನಾಗೇಂದ್ರ ಅವರು ಮತ್ತು ಸಂಸದ ಈ.ತುಕಾರಾಂ ಅವರು ಮೇಲೆ ಒತ್ತಡ ತಂದು ಈ ಕಾರ್ಯವನ್ನು ಸಾಧ್ಯವಾಗಿಸಿದ್ದಾರೆ, ಸಮುದಾಯದ ಪರ ಅವರಿಗೂ ಧನ್ಯವಾದ ಸಲ್ಲಿಸುವೆ ಎಂದರು.
ಈಗಿರುವ ಪುತ್ಥಳಿಯು ಫೈಬರ್‌ನಿಂದ ತಯಾರಿಸಲಾಗಿದ್ದು, ಸದರಿ ಪುತ್ಥಳಿಯನ್ನು ತೆರವುಗೊಳಿಸಲಾಗುವುದು ಎಂದು ಹೇಳಿದ ಶಾಸಕ ನಾರಾ ಭರತ್ ರೆಡ್ಡಿ, ರಾಯಣ್ಣನ ನೂತನ ಕಂಚಿನ ಪ್ರತಿಮೆಯನ್ನು ನಿರ್ಮಿಸಿ, ಇದೇ ಜಾಗದಲ್ಲಿ ಸ್ಥಾಪಿಸಿ, ಅನಾವರಣಗೊಳಿಸಲಾಗುವುದು ಎಂದು ಭರವಸೆ ನೀಡಿದರು. ಈ ಸಂದರ್ಭ ಲಿಡ್ಕರ್ ಅಧ್ಯಕ್ಷ ಮುಂಡ್ರಿಗಿ
ನಾಗರಾಜ, ಕುರುಬರ ಸಂಘದ ಜಿಲ್ಲಾಧ್ಯಕ್ಷ ಡಾ.ಗಾದಿಲಿಂಗನಗೌಡ, ಮಾಜಿ ಮೇಯರ್ ಎಂ.ರಾಜೇಶ್ವರಿ, ಮಾಜಿ ಉಪ ಮೇಯರ್ ಜಾಕಿರ್ ಬಸವರಾಜ್‌ಗೌಡ, ಹಲವು ಸಮಿತಿ ಇಡ್ಡಂಗಿ ಭಟ್ಟಿ ರಾಮಣ್ಣ, ಕೆ.ಹೊನ್ನೂರಪ್ಪ, ಕೆ.ಹೊನ್ನಪ್ಪ, ಕೆ.ಸುಬ್ಬರಾಯುಡು, ಜೆನೆಕಲ್ ಮಂಜುನಾಥ, ಕೆ.ಎಡೆಯೂರಪ್ಪ, ಕೊಳಗಲ್ ಅಂಜಿನಿ, ಸುರೇಂದ್ರಗೌಡ, ಕವಿತಾ ಸೇರಿದಂತೆ ಹಲವರು ಹಾಜರಿದ್ದರು.
